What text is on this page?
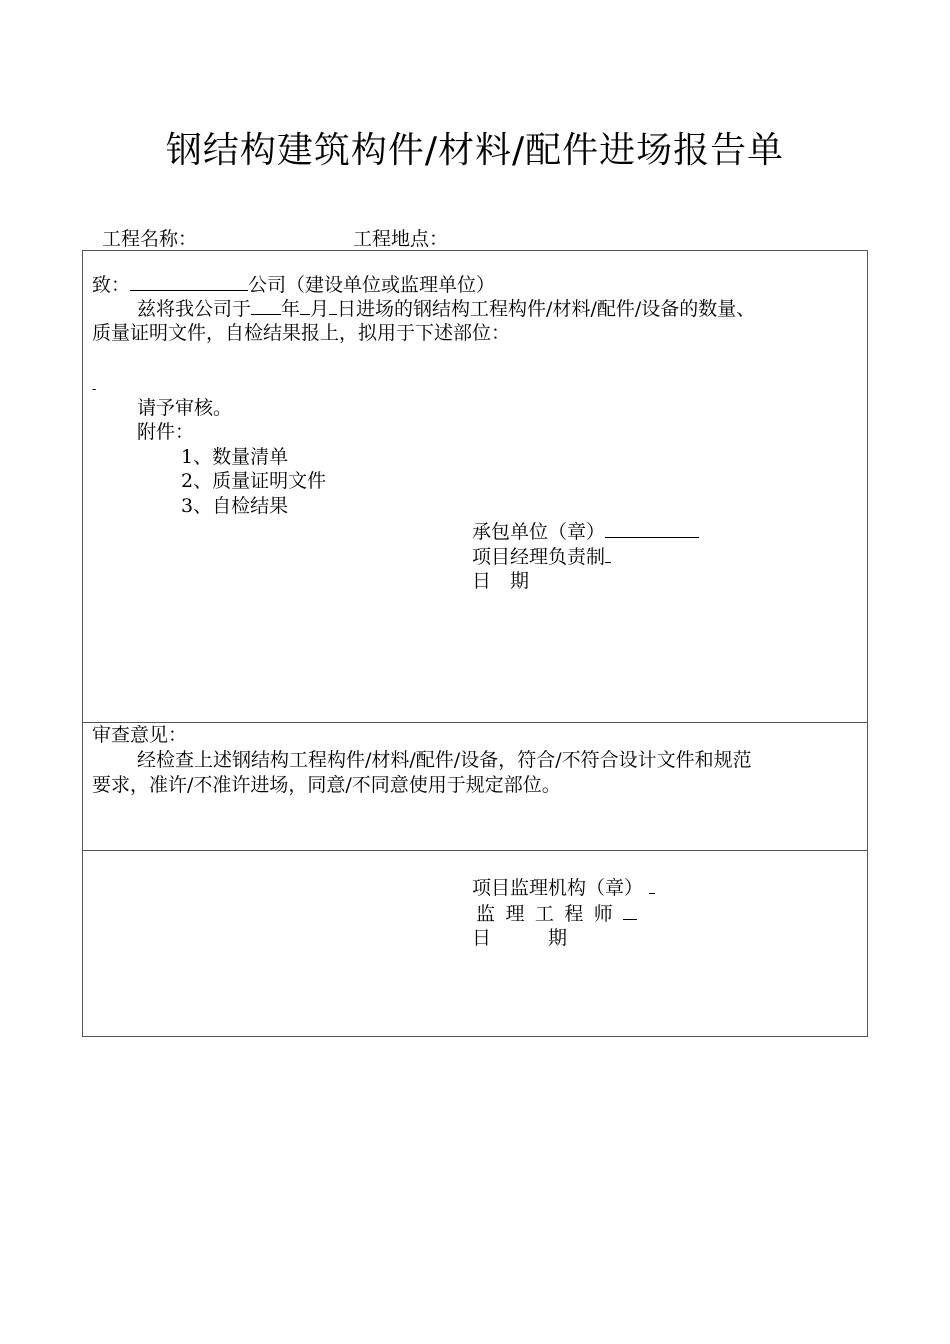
钢结构建筑构件/材料/配件进场报告单
工程名称：	工程地点：
致：	公司（建设单位或监理单位）
兹将我公司于 年 月 日进场的钢结构工程构件/材料/配件/设备的数量、
质量证明文件，自检结果报上，拟用于下述部位：
-
请予审核。
附件：
1、数量清单
2、质量证明文件
3、自检结果
承包单位（章）
项目经理负责制
日　期
审查意见：
经检查上述钢结构工程构件/材料/配件/设备，符合/不符合设计文件和规范
要求，准许/不准许进场，同意/不同意使用于规定部位。
项目监理机构（章）
监理工程师
日　　　期
